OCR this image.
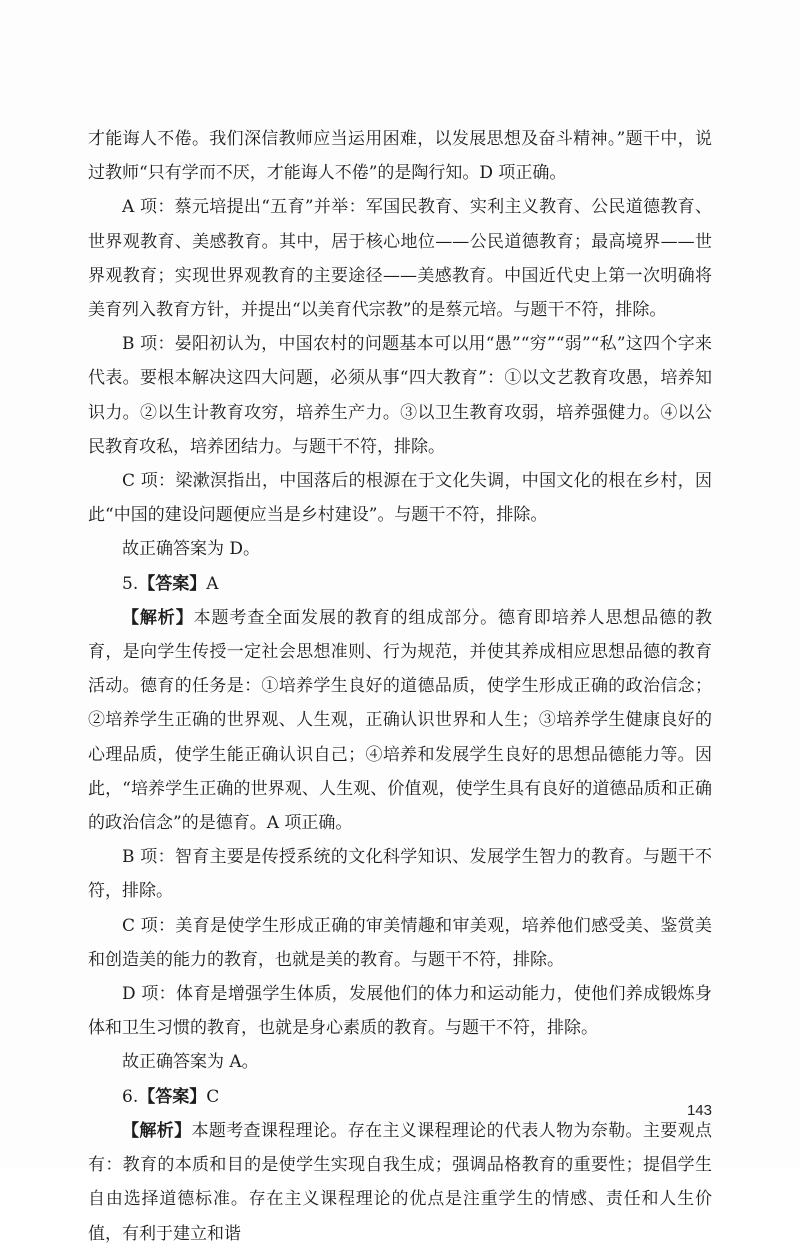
才能诲人不倦。我们深信教师应当运用困难，以发展思想及奋斗精神。”题干中，说过教师“只有学而不厌，才能诲人不倦”的是陶行知。D 项正确。

A 项：蔡元培提出“五育”并举：军国民教育、实利主义教育、公民道德教育、世界观教育、美感教育。其中，居于核心地位——公民道德教育；最高境界——世界观教育；实现世界观教育的主要途径——美感教育。中国近代史上第一次明确将美育列入教育方针，并提出“以美育代宗教”的是蔡元培。与题干不符，排除。

B 项：晏阳初认为，中国农村的问题基本可以用“愚”“穷”“弱”“私”这四个字来代表。要根本解决这四大问题，必须从事“四大教育”：①以文艺教育攻愚，培养知识力。②以生计教育攻穷，培养生产力。③以卫生教育攻弱，培养强健力。④以公民教育攻私，培养团结力。与题干不符，排除。

C 项：梁漱溟指出，中国落后的根源在于文化失调，中国文化的根在乡村，因此“中国的建设问题便应当是乡村建设”。与题干不符，排除。

故正确答案为 D。

5.【答案】A

【解析】本题考查全面发展的教育的组成部分。德育即培养人思想品德的教育，是向学生传授一定社会思想准则、行为规范，并使其养成相应思想品德的教育活动。德育的任务是：①培养学生良好的道德品质，使学生形成正确的政治信念；②培养学生正确的世界观、人生观，正确认识世界和人生；③培养学生健康良好的心理品质，使学生能正确认识自己；④培养和发展学生良好的思想品德能力等。因此，“培养学生正确的世界观、人生观、价值观，使学生具有良好的道德品质和正确的政治信念”的是德育。A 项正确。

B 项：智育主要是传授系统的文化科学知识、发展学生智力的教育。与题干不符，排除。

C 项：美育是使学生形成正确的审美情趣和审美观，培养他们感受美、鉴赏美和创造美的能力的教育，也就是美的教育。与题干不符，排除。

D 项：体育是增强学生体质，发展他们的体力和运动能力，使他们养成锻炼身体和卫生习惯的教育，也就是身心素质的教育。与题干不符，排除。

故正确答案为 A。

6.【答案】C

【解析】本题考查课程理论。存在主义课程理论的代表人物为奈勒。主要观点有：教育的本质和目的是使学生实现自我生成；强调品格教育的重要性；提倡学生自由选择道德标准。存在主义课程理论的优点是注重学生的情感、责任和人生价值，有利于建立和谐

143
